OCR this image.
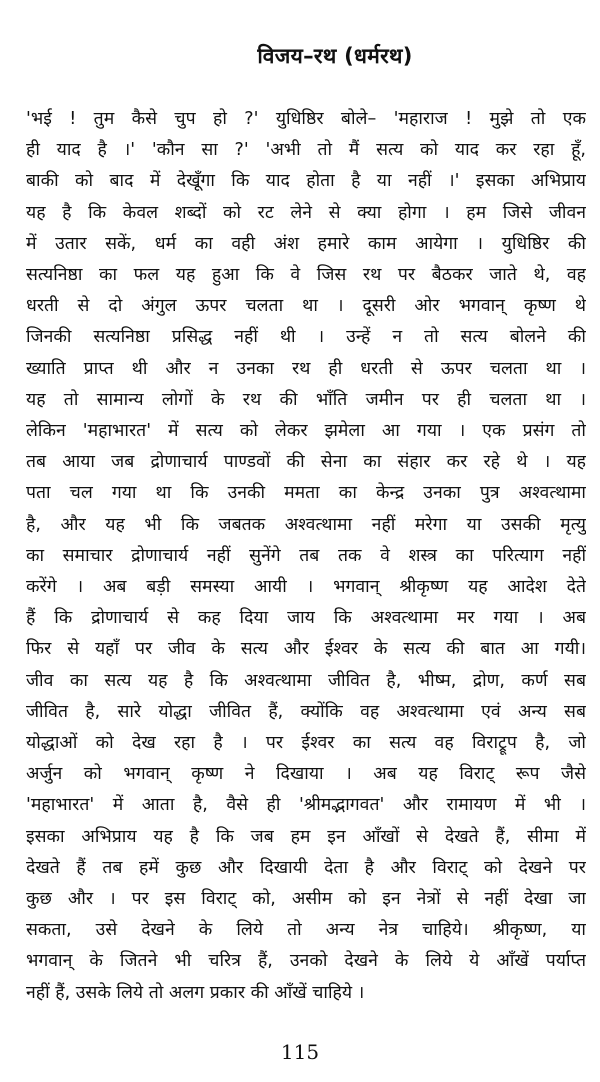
विजय–रथ (धर्मरथ)
'भई ! तुम कैसे चुप हो ?' युधिष्ठिर बोले– 'महाराज ! मुझे तो एक
ही याद है ।' 'कौन सा ?' 'अभी तो मैं सत्य को याद कर रहा हूँ,
बाकी को बाद में देखूँगा कि याद होता है या नहीं ।' इसका अभिप्राय
यह है कि केवल शब्दों को रट लेने से क्या होगा । हम जिसे जीवन
में उतार सकें, धर्म का वही अंश हमारे काम आयेगा । युधिष्ठिर की
सत्यनिष्ठा का फल यह हुआ कि वे जिस रथ पर बैठकर जाते थे, वह
धरती से दो अंगुल ऊपर चलता था । दूसरी ओर भगवान् कृष्ण थे
जिनकी सत्यनिष्ठा प्रसिद्ध नहीं थी । उन्हें न तो सत्य बोलने की
ख्याति प्राप्त थी और न उनका रथ ही धरती से ऊपर चलता था ।
यह तो सामान्य लोगों के रथ की भाँति जमीन पर ही चलता था ।
लेकिन 'महाभारत' में सत्य को लेकर झमेला आ गया । एक प्रसंग तो
तब आया जब द्रोणाचार्य पाण्डवों की सेना का संहार कर रहे थे । यह
पता चल गया था कि उनकी ममता का केन्द्र उनका पुत्र अश्वत्थामा
है, और यह भी कि जबतक अश्वत्थामा नहीं मरेगा या उसकी मृत्यु
का समाचार द्रोणाचार्य नहीं सुनेंगे तब तक वे शस्त्र का परित्याग नहीं
करेंगे । अब बड़ी समस्या आयी । भगवान् श्रीकृष्ण यह आदेश देते
हैं कि द्रोणाचार्य से कह दिया जाय कि अश्वत्थामा मर गया । अब
फिर से यहाँ पर जीव के सत्य और ईश्वर के सत्य की बात आ गयी।
जीव का सत्य यह है कि अश्वत्थामा जीवित है, भीष्म, द्रोण, कर्ण सब
जीवित है, सारे योद्धा जीवित हैं, क्योंकि वह अश्वत्थामा एवं अन्य सब
योद्धाओं को देख रहा है । पर ईश्वर का सत्य वह विराट्रूप है, जो
अर्जुन को भगवान् कृष्ण ने दिखाया । अब यह विराट् रूप जैसे
'महाभारत' में आता है, वैसे ही 'श्रीमद्भागवत' और रामायण में भी ।
इसका अभिप्राय यह है कि जब हम इन आँखों से देखते हैं, सीमा में
देखते हैं तब हमें कुछ और दिखायी देता है और विराट् को देखने पर
कुछ और । पर इस विराट् को, असीम को इन नेत्रों से नहीं देखा जा
सकता, उसे देखने के लिये तो अन्य नेत्र चाहिये। श्रीकृष्ण, या
भगवान् के जितने भी चरित्र हैं, उनको देखने के लिये ये आँखें पर्याप्त
नहीं हैं, उसके लिये तो अलग प्रकार की आँखें चाहिये ।
115
